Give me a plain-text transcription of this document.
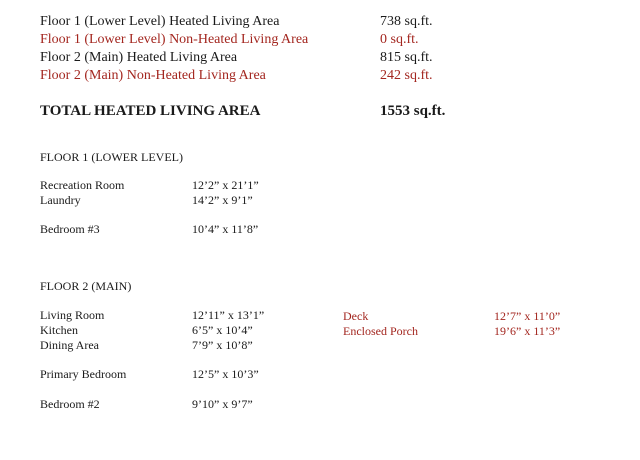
Floor 1 (Lower Level) Heated Living Area	738 sq.ft.
Floor 1 (Lower Level) Non-Heated Living Area	0 sq.ft.
Floor 2 (Main) Heated Living Area	815 sq.ft.
Floor 2 (Main) Non-Heated Living Area	242 sq.ft.
TOTAL HEATED LIVING AREA	1553 sq.ft.
FLOOR 1 (LOWER LEVEL)
Recreation Room	12’2” x 21’1”
Laundry	14’2” x 9’1”
Bedroom #3	10’4” x 11’8”
FLOOR 2 (MAIN)
Living Room	12’11” x 13’1”
Kitchen	6’5” x 10’4”
Dining Area	7’9” x 10’8”
Primary Bedroom	12’5” x 10’3”
Bedroom #2	9’10” x 9’7”
Deck	12’7” x 11’0”
Enclosed Porch	19’6” x 11’3”
